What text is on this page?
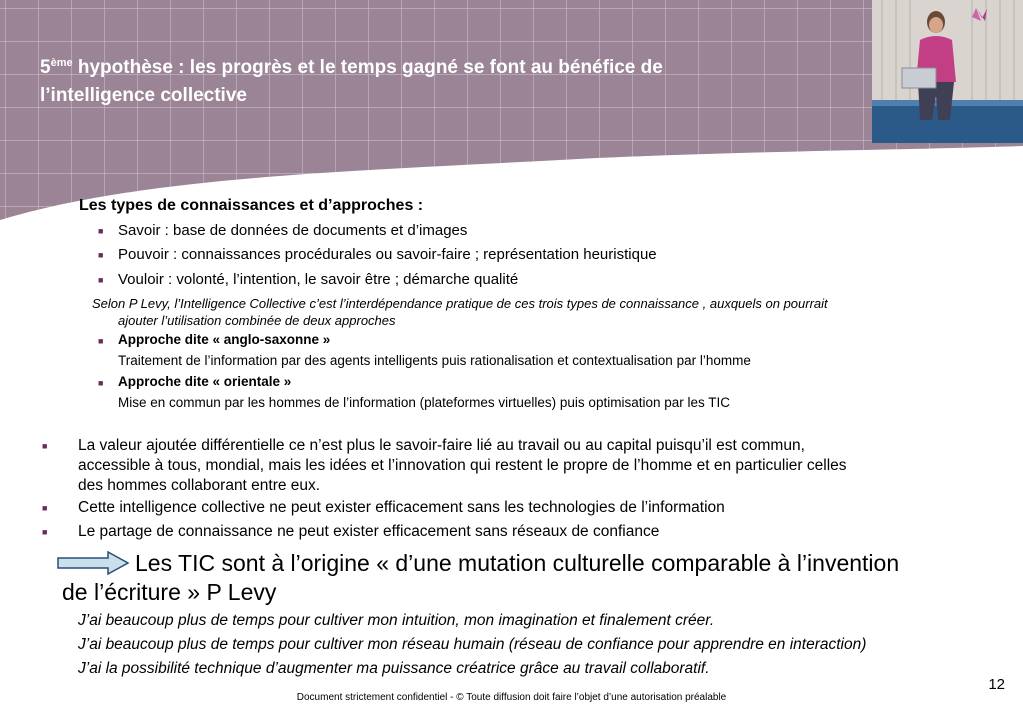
5ème hypothèse : les progrès et le temps gagné se font au bénéfice de
l’intelligence collective
Les types de connaissances et d’approches :
■ Savoir : base de données de documents et d’images
■ Pouvoir : connaissances procédurales ou savoir-faire ; représentation heuristique
■ Vouloir : volonté, l’intention, le savoir être ; démarche qualité
Selon P Levy, l’Intelligence Collective c’est l’interdépendance pratique de ces trois types de connaissance , auxquels on pourrait
ajouter l’utilisation combinée de deux approches
■ Approche dite « anglo-saxonne »
Traitement de l’information par des agents intelligents puis rationalisation et contextualisation par l’homme
■ Approche dite « orientale »
Mise en commun par les hommes de l’information (plateformes virtuelles) puis optimisation par les TIC
■ La valeur ajoutée différentielle ce n’est plus le savoir-faire lié au travail ou au capital puisqu’il est commun,
accessible à tous, mondial, mais les idées et l’innovation qui restent le propre de l’homme et en particulier celles
des hommes collaborant entre eux.
■ Cette intelligence collective ne peut exister efficacement sans les technologies de l’information
■ Le partage de connaissance ne peut exister efficacement sans réseaux de confiance
Les TIC sont à l’origine « d’une mutation culturelle comparable à l’invention
de l’écriture » P Levy
J’ai beaucoup plus de temps pour cultiver mon intuition, mon imagination et finalement créer.
J’ai beaucoup plus de temps pour cultiver mon réseau humain (réseau de confiance pour apprendre en interaction)
J’ai la possibilité technique d’augmenter ma puissance créatrice grâce au travail collaboratif.
12
Document strictement confidentiel - © Toute diffusion doit faire l’objet d’une autorisation préalable
